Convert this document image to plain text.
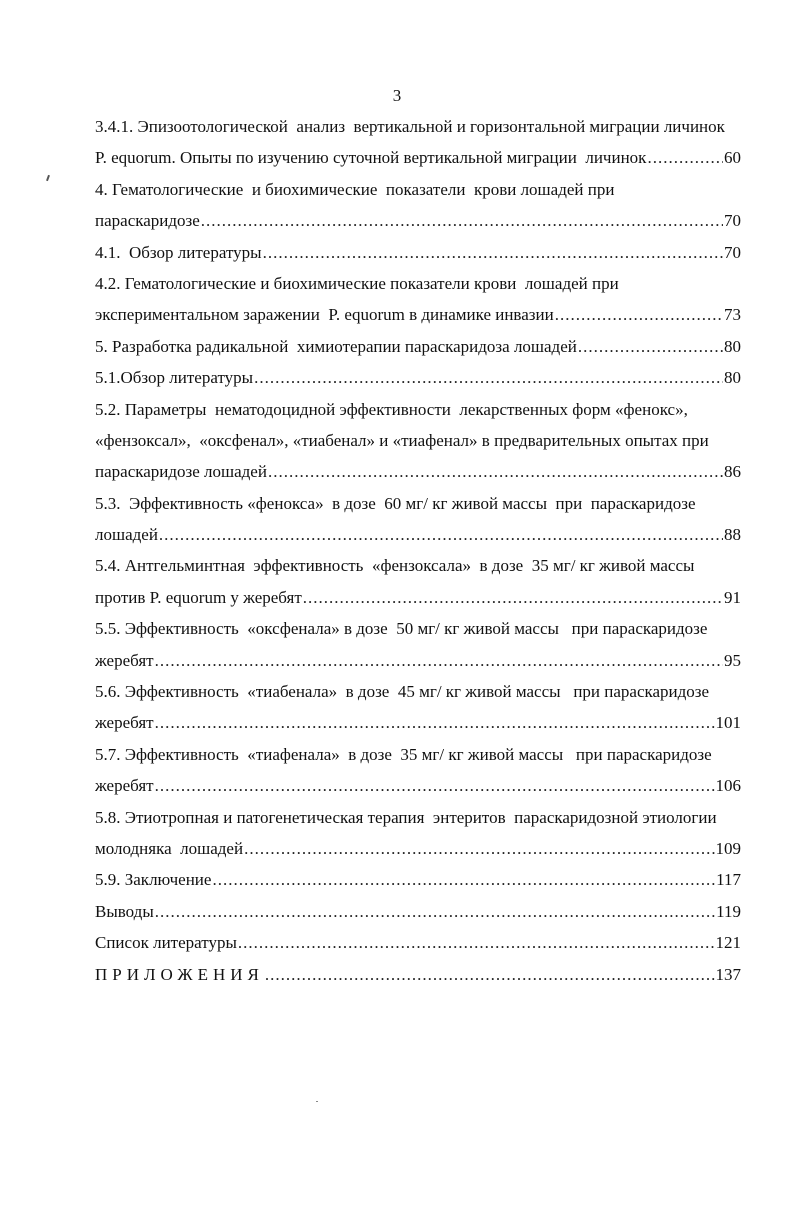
3
3.4.1. Эпизоотологической  анализ  вертикальной и горизонтальной миграции личинок
P. equorum. Опыты по изучению суточной вертикальной миграции  личинок .....	60
4. Гематологические  и биохимические  показатели  крови лошадей при
параскаридозе .....	70
4.1.  Обзор литературы .....	70
4.2. Гематологические и биохимические показатели крови  лошадей при
экспериментальном заражении  P. equorum в динамике инвазии .....	73
5. Разработка радикальной  химиотерапии параскаридоза лошадей .....	80
5.1.Обзор литературы .....	80
5.2. Параметры  нематодоцидной эффективности  лекарственных форм «фенокс»,
«фензоксал»,  «оксфенал», «тиабенал» и «тиафенал» в предварительных опытах при
параскаридозе лошадей .....	86
5.3.  Эффективность «фенокса»  в дозе  60 мг/ кг живой массы  при  параскаридозе
лошадей .....	88
5.4. Антгельминтная  эффективность  «фензоксала»  в дозе  35 мг/ кг живой массы
против P. equorum у жеребят .....	91
5.5. Эффективность  «оксфенала» в дозе  50 мг/ кг живой массы   при параскаридозе
жеребят .....	95
5.6. Эффективность  «тиабенала»  в дозе  45 мг/ кг живой массы   при параскаридозе
жеребят .....	101
5.7. Эффективность  «тиафенала»  в дозе  35 мг/ кг живой массы   при параскаридозе
жеребят .....	106
5.8. Этиотропная и патогенетическая терапия  энтеритов  параскаридозной этиологии
молодняка  лошадей .....	109
5.9. Заключение .....	117
Выводы .....	119
Список литературы .....	121
ПРИЛОЖЕНИЯ .....	137
